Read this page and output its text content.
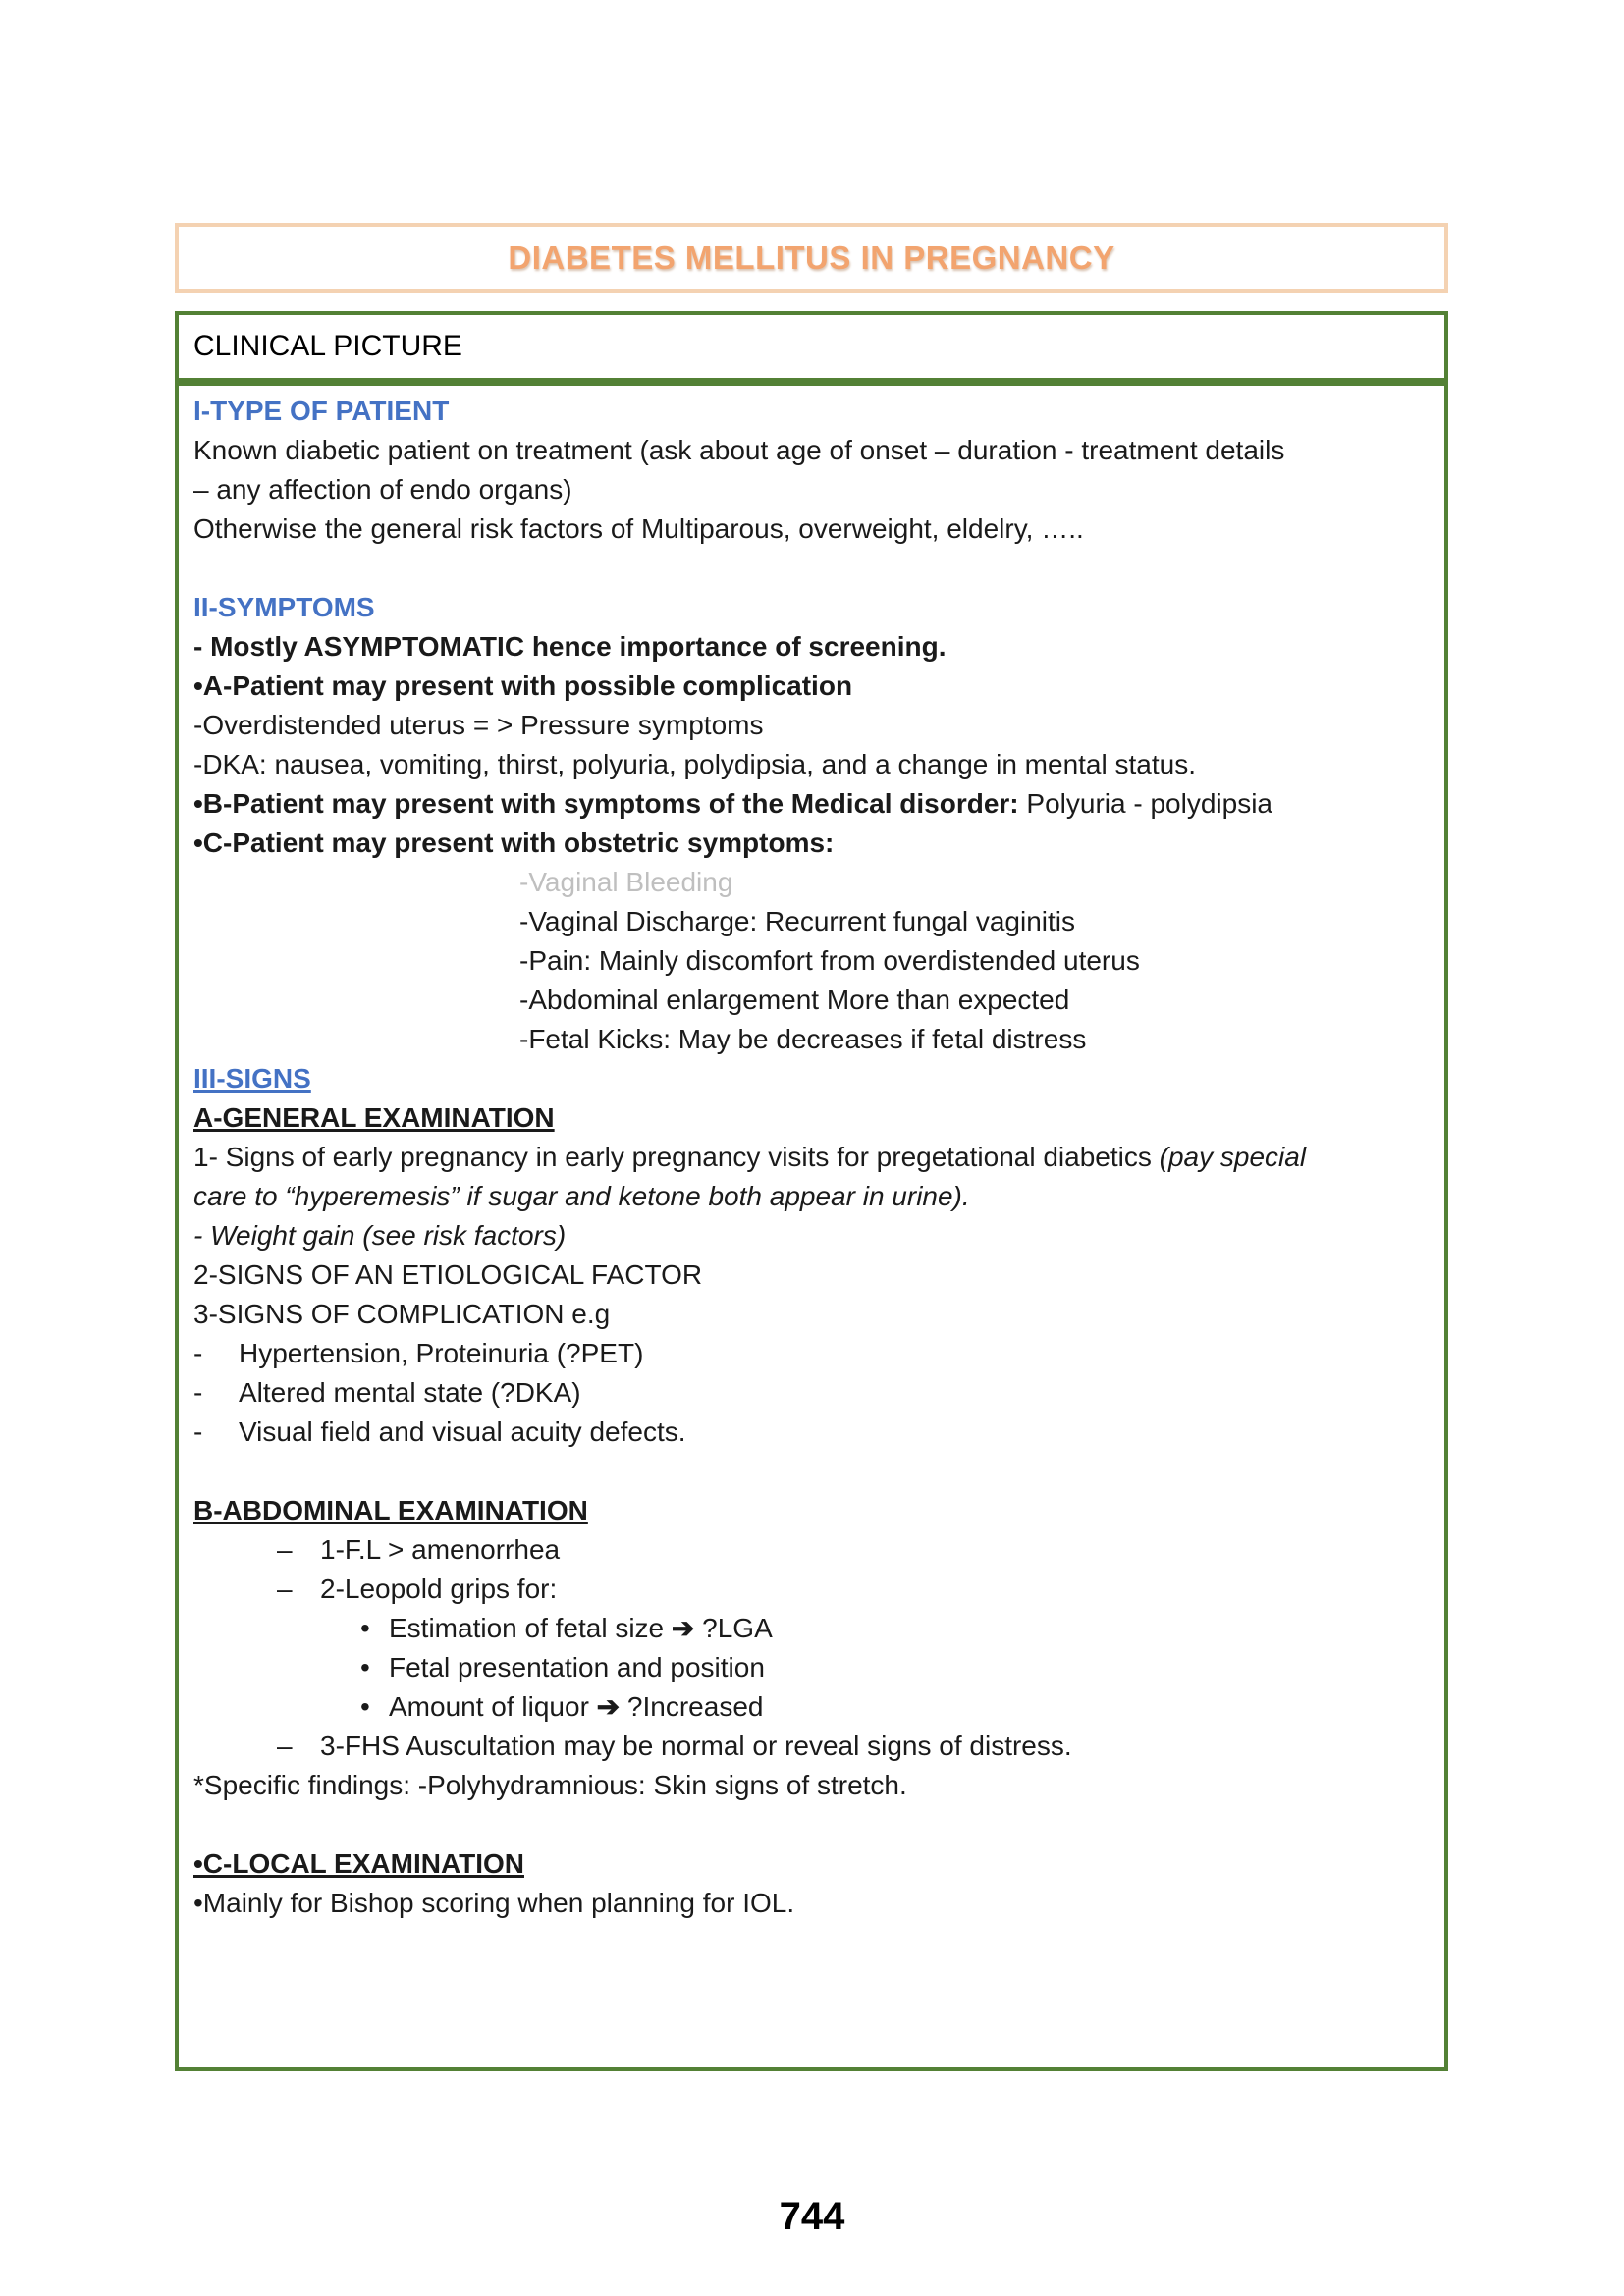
DIABETES MELLITUS IN PREGNANCY
CLINICAL PICTURE

I-TYPE OF PATIENT

Known diabetic patient on treatment (ask about age of onset – duration - treatment details

– any affection of endo organs)

Otherwise the general risk factors of Multiparous, overweight, eldelry, …..

II-SYMPTOMS

- Mostly ASYMPTOMATIC hence importance of screening.

•A-Patient may present with possible complication

-Overdistended uterus = > Pressure symptoms

-DKA: nausea, vomiting, thirst, polyuria, polydipsia, and a change in mental status.

•B-Patient may present with symptoms of the Medical disorder: Polyuria - polydipsia

•C-Patient may present with obstetric symptoms:

-Vaginal Bleeding

-Vaginal Discharge: Recurrent fungal vaginitis

-Pain: Mainly discomfort from overdistended uterus

-Abdominal enlargement More than expected

-Fetal Kicks: May be decreases if fetal distress

III-SIGNS

A-GENERAL EXAMINATION

1- Signs of early pregnancy in early pregnancy visits for pregetational diabetics (pay special

care to “hyperemesis” if sugar and ketone both appear in urine).

- Weight gain (see risk factors)

2-SIGNS OF AN ETIOLOGICAL FACTOR

3-SIGNS OF COMPLICATION e.g

- Hypertension, Proteinuria (?PET)

- Altered mental state (?DKA)

- Visual field and visual acuity defects.

B-ABDOMINAL EXAMINATION

– 1-F.L > amenorrhea

– 2-Leopold grips for:

• Estimation of fetal size ➔ ?LGA

• Fetal presentation and position

• Amount of liquor ➔ ?Increased

– 3-FHS Auscultation may be normal or reveal signs of distress.

*Specific findings: -Polyhydramnious: Skin signs of stretch.

•C-LOCAL EXAMINATION

•Mainly for Bishop scoring when planning for IOL.

744
